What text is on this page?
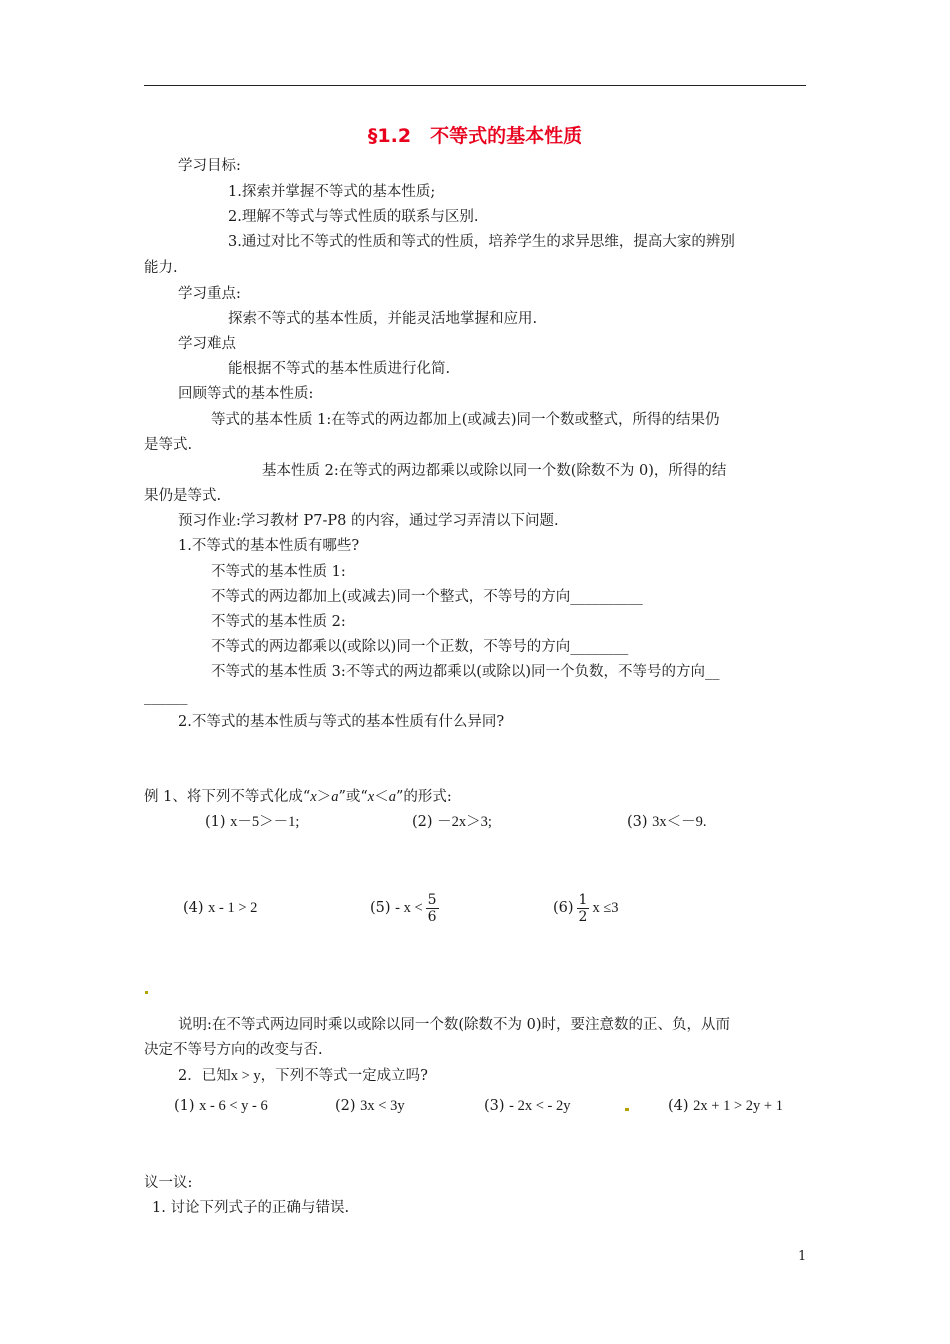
§1.2　不等式的基本性质
学习目标:
1.探索并掌握不等式的基本性质;
2.理解不等式与等式性质的联系与区别.
3.通过对比不等式的性质和等式的性质，培养学生的求异思维，提高大家的辨别
能力.
学习重点:
探索不等式的基本性质，并能灵活地掌握和应用.
学习难点
能根据不等式的基本性质进行化简.
回顾等式的基本性质:
等式的基本性质 1:在等式的两边都加上(或减去)同一个数或整式，所得的结果仍
是等式.
基本性质 2:在等式的两边都乘以或除以同一个数(除数不为 0)，所得的结
果仍是等式.
预习作业:学习教材 P7-P8 的内容，通过学习弄清以下问题.
1.不等式的基本性质有哪些?
不等式的基本性质 1:
不等式的两边都加上(或减去)同一个整式，不等号的方向__________
不等式的基本性质 2:
不等式的两边都乘以(或除以)同一个正数，不等号的方向________
不等式的基本性质 3:不等式的两边都乘以(或除以)同一个负数，不等号的方向__
______
2.不等式的基本性质与等式的基本性质有什么异同?
例 1、将下列不等式化成“x＞a”或“x＜a”的形式:
(1) x－5＞－1;	(2) －2x＞3;	(3) 3x＜－9.
(4) x - 1 > 2	$(5) - x < \frac{5}{6}$	$(6) \frac{1}{2}$ x ≤3
说明:在不等式两边同时乘以或除以同一个数(除数不为 0)时，要注意数的正、负，从而
决定不等号方向的改变与否.
2．已知x > y，下列不等式一定成立吗?
(1) x - 6 < y - 6	(2) 3x < 3y	(3) - 2x < - 2y	(4) 2x + 1 > 2y + 1
议一议:
1. 讨论下列式子的正确与错误.
1
